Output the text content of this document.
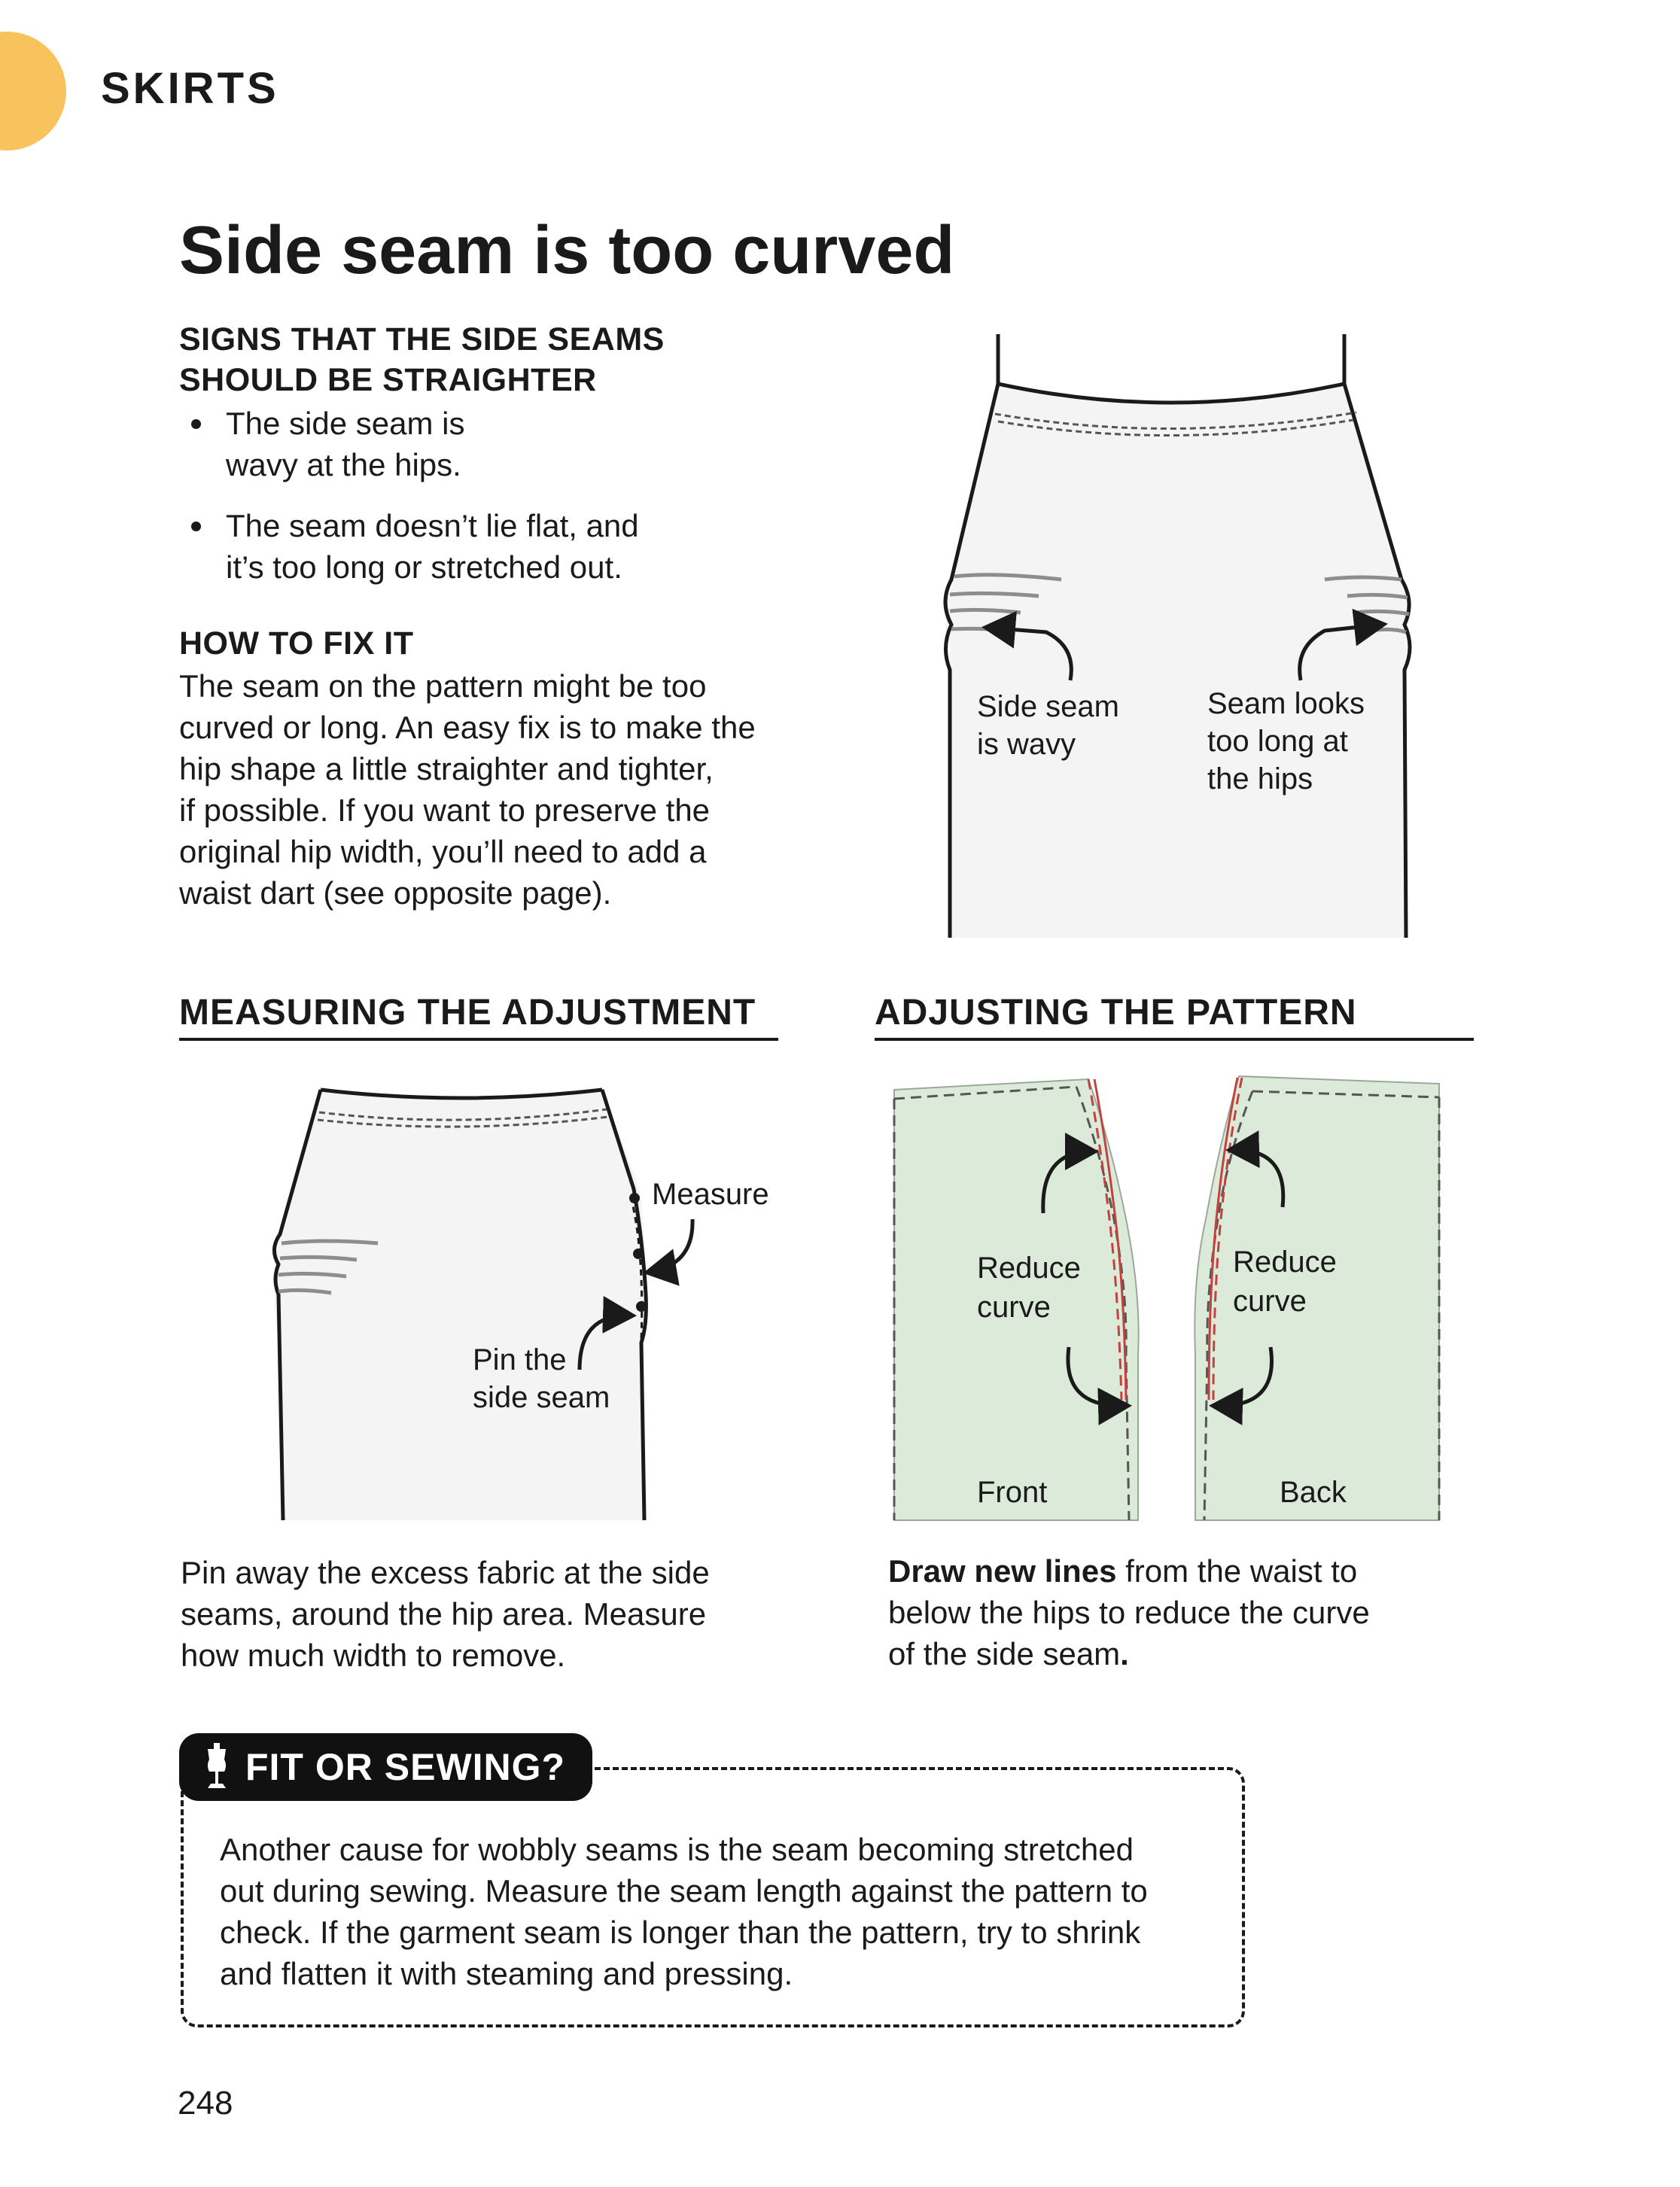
SKIRTS
Side seam is too curved
SIGNS THAT THE SIDE SEAMS
SHOULD BE STRAIGHTER
The side seam is
wavy at the hips.
The seam doesn’t lie flat, and
it’s too long or stretched out.
HOW TO FIX IT
The seam on the pattern might be too
curved or long. An easy fix is to make the
hip shape a little straighter and tighter,
if possible. If you want to preserve the
original hip width, you’ll need to add a
waist dart (see opposite page).
MEASURING THE ADJUSTMENT	ADJUSTING THE PATTERN
Side seam
is wavy
Seam looks
too long at
the hips
Measure
Pin the
side seam
Reduce
curve
Front
Reduce
curve
Back
Pin away the excess fabric at the side
seams, around the hip area. Measure
how much width to remove.
Draw new lines from the waist to
below the hips to reduce the curve
of the side seam.
FIT OR SEWING?
Another cause for wobbly seams is the seam becoming stretched
out during sewing. Measure the seam length against the pattern to
check. If the garment seam is longer than the pattern, try to shrink
and flatten it with steaming and pressing.
248
